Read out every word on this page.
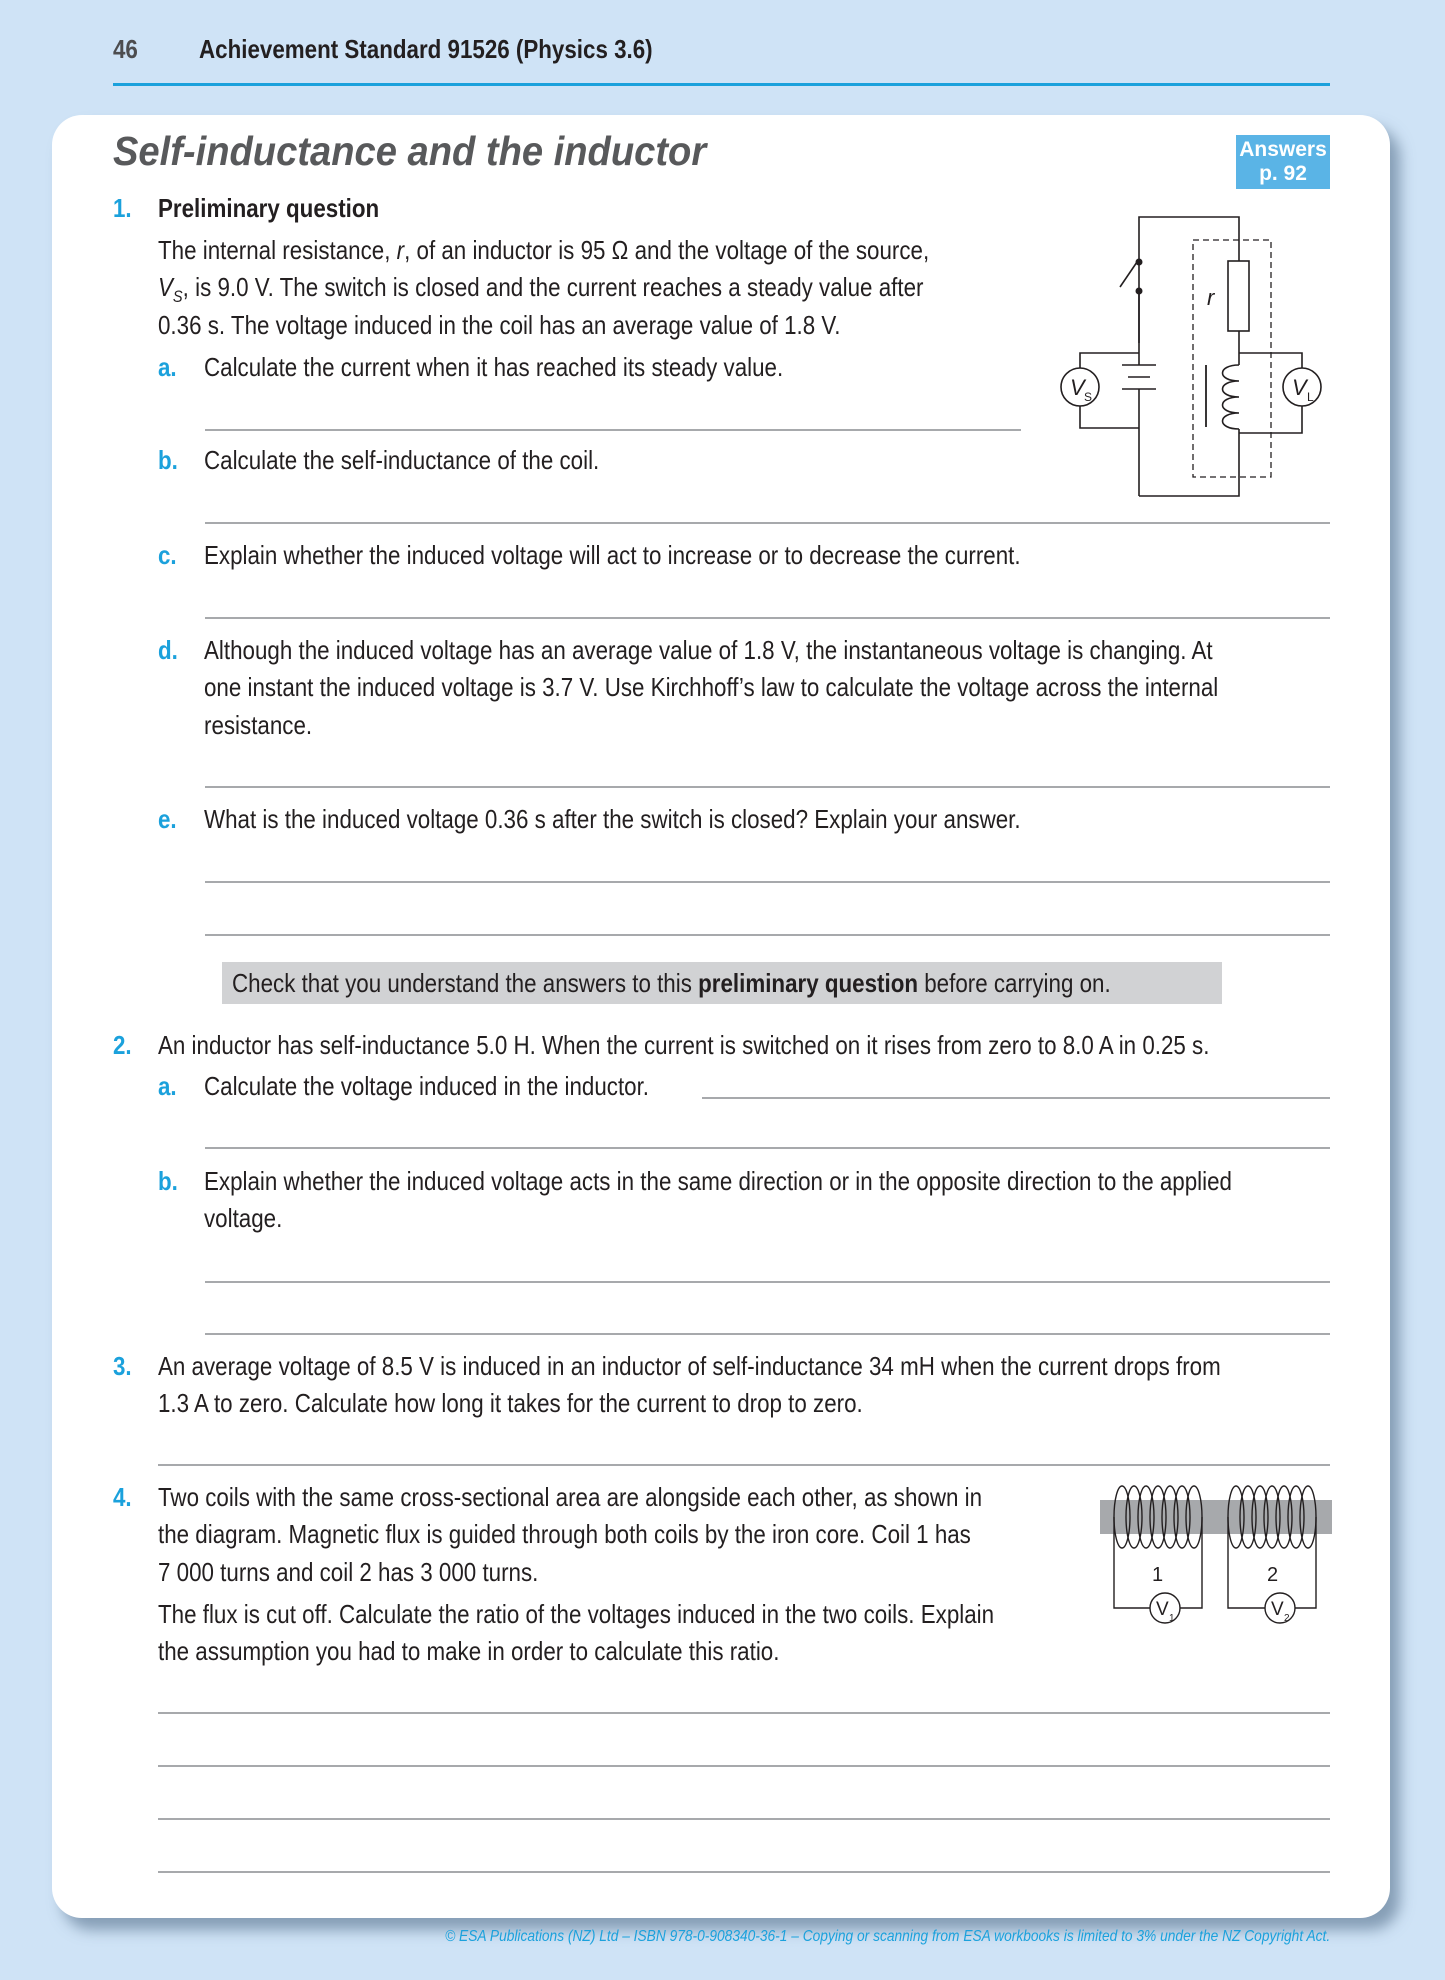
46 Achievement Standard 91526 (Physics 3.6)
Self-inductance and the inductor	Answers
p. 92
1. Preliminary question
The internal resistance, r, of an inductor is 95 Ω and the voltage of the source,
$V_S$, is 9.0 V. The switch is closed and the current reaches a steady value after
0.36 s. The voltage induced in the coil has an average value of 1.8 V.
a. Calculate the current when it has reached its steady value.
b. Calculate the self-inductance of the coil.
c. Explain whether the induced voltage will act to increase or to decrease the current.
d. Although the induced voltage has an average value of 1.8 V, the instantaneous voltage is changing. At
one instant the induced voltage is 3.7 V. Use Kirchhoff’s law to calculate the voltage across the internal
resistance.
e. What is the induced voltage 0.36 s after the switch is closed? Explain your answer.
r
V S	V L
Check that you understand the answers to this preliminary question before carrying on.
2. An inductor has self-inductance 5.0 H. When the current is switched on it rises from zero to 8.0 A in 0.25 s.
a. Calculate the voltage induced in the inductor.
b. Explain whether the induced voltage acts in the same direction or in the opposite direction to the applied
voltage.
3. An average voltage of 8.5 V is induced in an inductor of self-inductance 34 mH when the current drops from
1.3 A to zero. Calculate how long it takes for the current to drop to zero.
4. Two coils with the same cross-sectional area are alongside each other, as shown in
the diagram. Magnetic flux is guided through both coils by the iron core. Coil 1 has
7 000 turns and coil 2 has 3 000 turns.
The flux is cut off. Calculate the ratio of the voltages induced in the two coils. Explain
the assumption you had to make in order to calculate this ratio.
1	2
V 1	V 2
© ESA Publications (NZ) Ltd – ISBN 978-0-908340-36-1 – Copying or scanning from ESA workbooks is limited to 3% under the NZ Copyright Act.
